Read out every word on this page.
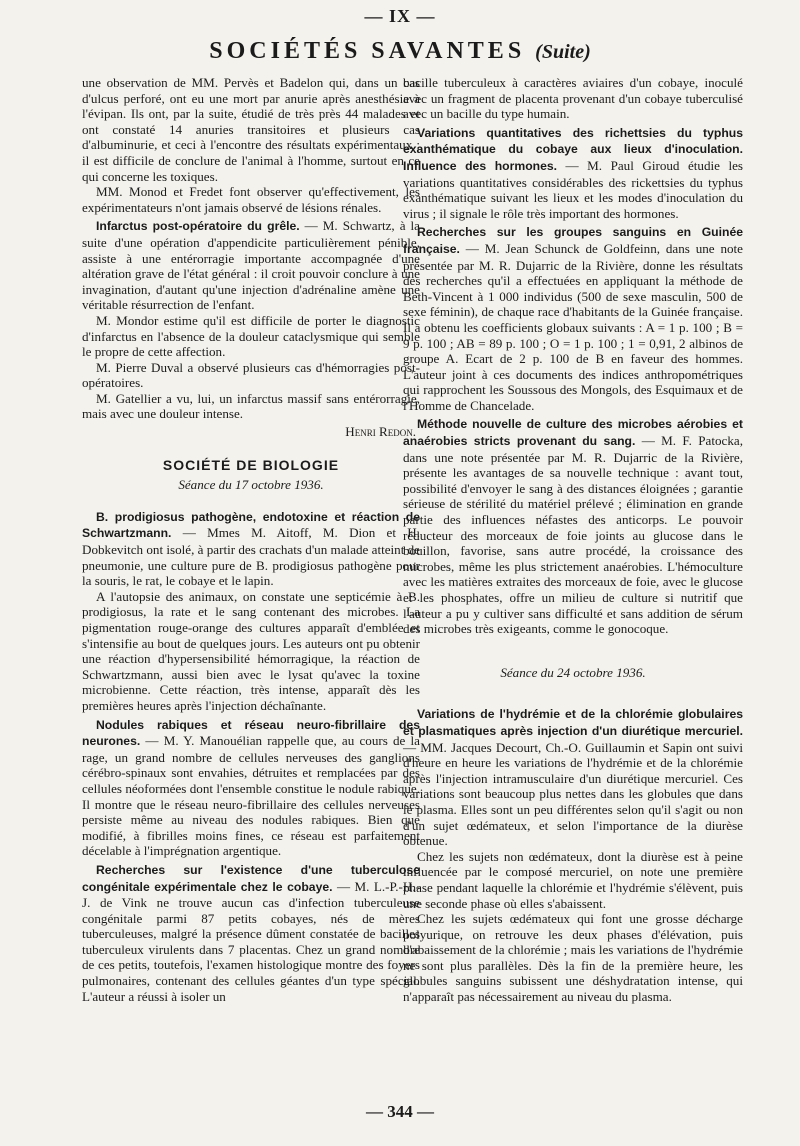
— IX —
SOCIÉTÉS SAVANTES (Suite)

une observation de MM. Pervès et Badelon qui, dans un cas d'ulcus perforé, ont eu une mort par anurie après anesthésie à l'évipan. Ils ont, par la suite, étudié de très près 44 malades et ont constaté 14 anuries transitoires et plusieurs cas d'albuminurie, et ceci à l'encontre des résultats expérimentaux : il est difficile de conclure de l'animal à l'homme, surtout en ce qui concerne les toxiques.

MM. Monod et Fredet font observer qu'effectivement, les expérimentateurs n'ont jamais observé de lésions rénales.

Infarctus post-opératoire du grêle. — M. Schwartz, à la suite d'une opération d'appendicite particulièrement pénible, assiste à une entérorragie importante accompagnée d'une altération grave de l'état général : il croit pouvoir conclure à une invagination, d'autant qu'une injection d'adrénaline amène une véritable résurrection de l'enfant.

M. Mondor estime qu'il est difficile de porter le diagnostic d'infarctus en l'absence de la douleur cataclysmique qui semble le propre de cette affection.

M. Pierre Duval a observé plusieurs cas d'hémorragies post-opératoires.

M. Gatellier a vu, lui, un infarctus massif sans entérorragie, mais avec une douleur intense.

Henri Redon.
SOCIÉTÉ DE BIOLOGIE
Séance du 17 octobre 1936.

B. prodigiosus pathogène, endotoxine et réaction de Schwartzmann. — Mmes M. Aitoff, M. Dion et H. Dobkevitch ont isolé, à partir des crachats d'un malade atteint de pneumonie, une culture pure de B. prodigiosus pathogène pour la souris, le rat, le cobaye et le lapin.

A l'autopsie des animaux, on constate une septicémie à B. prodigiosus, la rate et le sang contenant des microbes. La pigmentation rouge-orange des cultures apparaît d'emblée et s'intensifie au bout de quelques jours. Les auteurs ont pu obtenir une réaction d'hypersensibilité hémorragique, la réaction de Schwartzmann, aussi bien avec le lysat qu'avec la toxine microbienne. Cette réaction, très intense, apparaît dès les premières heures après l'injection déchaînante.

Nodules rabiques et réseau neuro-fibrillaire des neurones. — M. Y. Manouélian rappelle que, au cours de la rage, un grand nombre de cellules nerveuses des ganglions cérébro-spinaux sont envahies, détruites et remplacées par des cellules néoformées dont l'ensemble constitue le nodule rabique. Il montre que le réseau neuro-fibrillaire des cellules nerveuses persiste même au niveau des nodules rabiques. Bien que modifié, à fibrilles moins fines, ce réseau est parfaitement décelable à l'imprégnation argentique.

Recherches sur l'existence d'une tuberculose congénitale expérimentale chez le cobaye. — M. L.-P.-H.-J. de Vink ne trouve aucun cas d'infection tuberculeuse congénitale parmi 87 petits cobayes, nés de mères tuberculeuses, malgré la présence dûment constatée de bacilles tuberculeux virulents dans 7 placentas. Chez un grand nombre de ces petits, toutefois, l'examen histologique montre des foyers pulmonaires, contenant des cellules géantes d'un type spécial. L'auteur a réussi à isoler un

bacille tuberculeux à caractères aviaires d'un cobaye, inoculé avec un fragment de placenta provenant d'un cobaye tuberculisé avec un bacille du type humain.

Variations quantitatives des richettsies du typhus exanthématique du cobaye aux lieux d'inoculation. Influence des hormones. — M. Paul Giroud étudie les variations quantitatives considérables des rickettsies du typhus exanthématique suivant les lieux et les modes d'inoculation du virus ; il signale le rôle très important des hormones.

Recherches sur les groupes sanguins en Guinée française. — M. Jean Schunck de Goldfeinn, dans une note présentée par M. R. Dujarric de la Rivière, donne les résultats des recherches qu'il a effectuées en appliquant la méthode de Beth-Vincent à 1 000 individus (500 de sexe masculin, 500 de sexe féminin), de chaque race d'habitants de la Guinée française. Il a obtenu les coefficients globaux suivants : A = 1 p. 100 ; B = 9 p. 100 ; AB = 89 p. 100 ; O = 1 p. 100 ; 1 = 0,91, 2 albinos de groupe A. Ecart de 2 p. 100 de B en faveur des hommes. L'auteur joint à ces documents des indices anthropométriques qui rapprochent les Soussous des Mongols, des Esquimaux et de l'Homme de Chancelade.

Méthode nouvelle de culture des microbes aérobies et anaérobies stricts provenant du sang. — M. F. Patocka, dans une note présentée par M. R. Dujarric de la Rivière, présente les avantages de sa nouvelle technique : avant tout, possibilité d'envoyer le sang à des distances éloignées ; garantie sérieuse de stérilité du matériel prélevé ; élimination en grande partie des influences néfastes des anticorps. Le pouvoir réducteur des morceaux de foie joints au glucose dans le bouillon, favorise, sans autre procédé, la croissance des microbes, même les plus strictement anaérobies. L'hémoculture avec les matières extraites des morceaux de foie, avec le glucose et les phosphates, offre un milieu de culture si nutritif que l'auteur a pu y cultiver sans difficulté et sans addition de sérum des microbes très exigeants, comme le gonocoque.

Séance du 24 octobre 1936.

Variations de l'hydrémie et de la chlorémie globulaires et plasmatiques après injection d'un diurétique mercuriel. — MM. Jacques Decourt, Ch.-O. Guillaumin et Sapin ont suivi d'heure en heure les variations de l'hydrémie et de la chlorémie après l'injection intramusculaire d'un diurétique mercuriel. Ces variations sont beaucoup plus nettes dans les globules que dans le plasma. Elles sont un peu différentes selon qu'il s'agit ou non d'un sujet œdémateux, et selon l'importance de la diurèse obtenue.

Chez les sujets non œdémateux, dont la diurèse est à peine influencée par le composé mercuriel, on note une première phase pendant laquelle la chlorémie et l'hydrémie s'élèvent, puis une seconde phase où elles s'abaissent.

Chez les sujets œdémateux qui font une grosse décharge polyurique, on retrouve les deux phases d'élévation, puis d'abaissement de la chlorémie ; mais les variations de l'hydrémie ne sont plus parallèles. Dès la fin de la première heure, les globules sanguins subissent une déshydratation intense, qui n'apparaît pas nécessairement au niveau du plasma.

— 344 —
